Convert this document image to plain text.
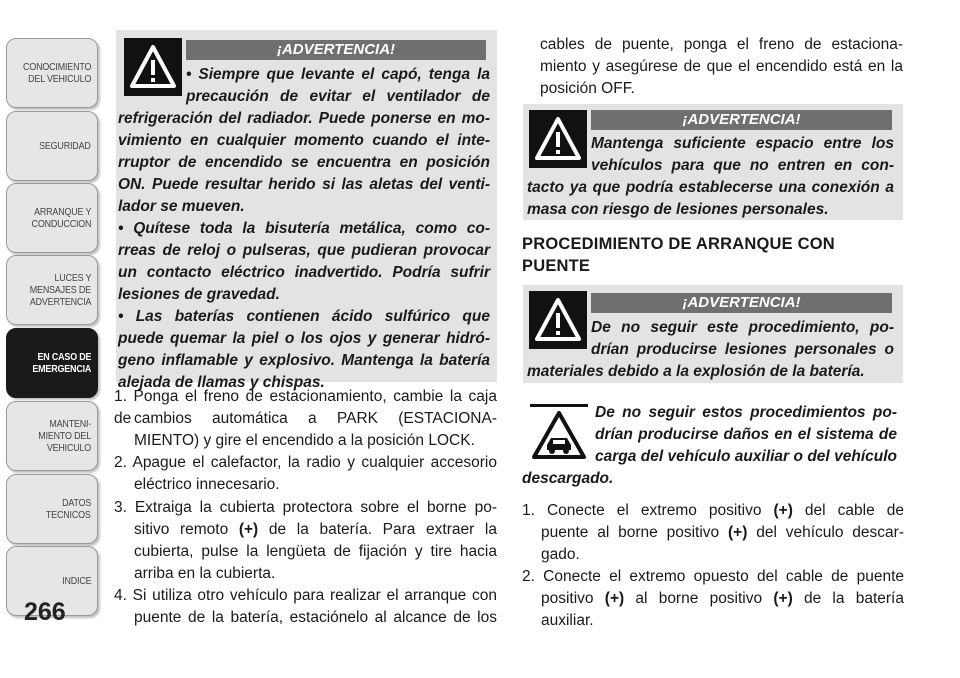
CONOCIMIENTO
DEL VEHICULO
SEGURIDAD
ARRANQUE Y
CONDUCCION
LUCES Y
MENSAJES DE
ADVERTENCIA
EN CASO DE
EMERGENCIA
MANTENI-
MIENTO DEL
VEHICULO
DATOS
TECNICOS
INDICE
266
¡ADVERTENCIA!
• Siempre que levante el capó, tenga la
precaución de evitar el ventilador de
refrigeración del radiador. Puede ponerse en mo-
vimiento en cualquier momento cuando el inte-
rruptor de encendido se encuentra en posición
ON. Puede resultar herido si las aletas del venti-
lador se mueven.
• Quítese toda la bisutería metálica, como co-
rreas de reloj o pulseras, que pudieran provocar
un contacto eléctrico inadvertido. Podría sufrir
lesiones de gravedad.
• Las baterías contienen ácido sulfúrico que
puede quemar la piel o los ojos y generar hidró-
geno inflamable y explosivo. Mantenga la batería
alejada de llamas y chispas.
1. Ponga el freno de estacionamiento, cambie la caja de cambios automática a PARK (ESTACIONA-
MIENTO) y gire el encendido a la posición LOCK.
2. Apague el calefactor, la radio y cualquier accesorio
eléctrico innecesario.
3. Extraiga la cubierta protectora sobre el borne po-
sitivo remoto (+) de la batería. Para extraer la
cubierta, pulse la lengüeta de fijación y tire hacia
arriba en la cubierta.
4. Si utiliza otro vehículo para realizar el arranque con
puente de la batería, estaciónelo al alcance de los
cables de puente, ponga el freno de estaciona-
miento y asegúrese de que el encendido está en la
posición OFF.
¡ADVERTENCIA!
Mantenga suficiente espacio entre los
vehículos para que no entren en con-
tacto ya que podría establecerse una conexión a
masa con riesgo de lesiones personales.
PROCEDIMIENTO DE ARRANQUE CON
PUENTE
¡ADVERTENCIA!
De no seguir este procedimiento, po-
drían producirse lesiones personales o
materiales debido a la explosión de la batería.
De no seguir estos procedimientos po-
drían producirse daños en el sistema de
carga del vehículo auxiliar o del vehículo
descargado.
1. Conecte el extremo positivo (+) del cable de
puente al borne positivo (+) del vehículo descar-
gado.
2. Conecte el extremo opuesto del cable de puente
positivo (+) al borne positivo (+) de la batería
auxiliar.
